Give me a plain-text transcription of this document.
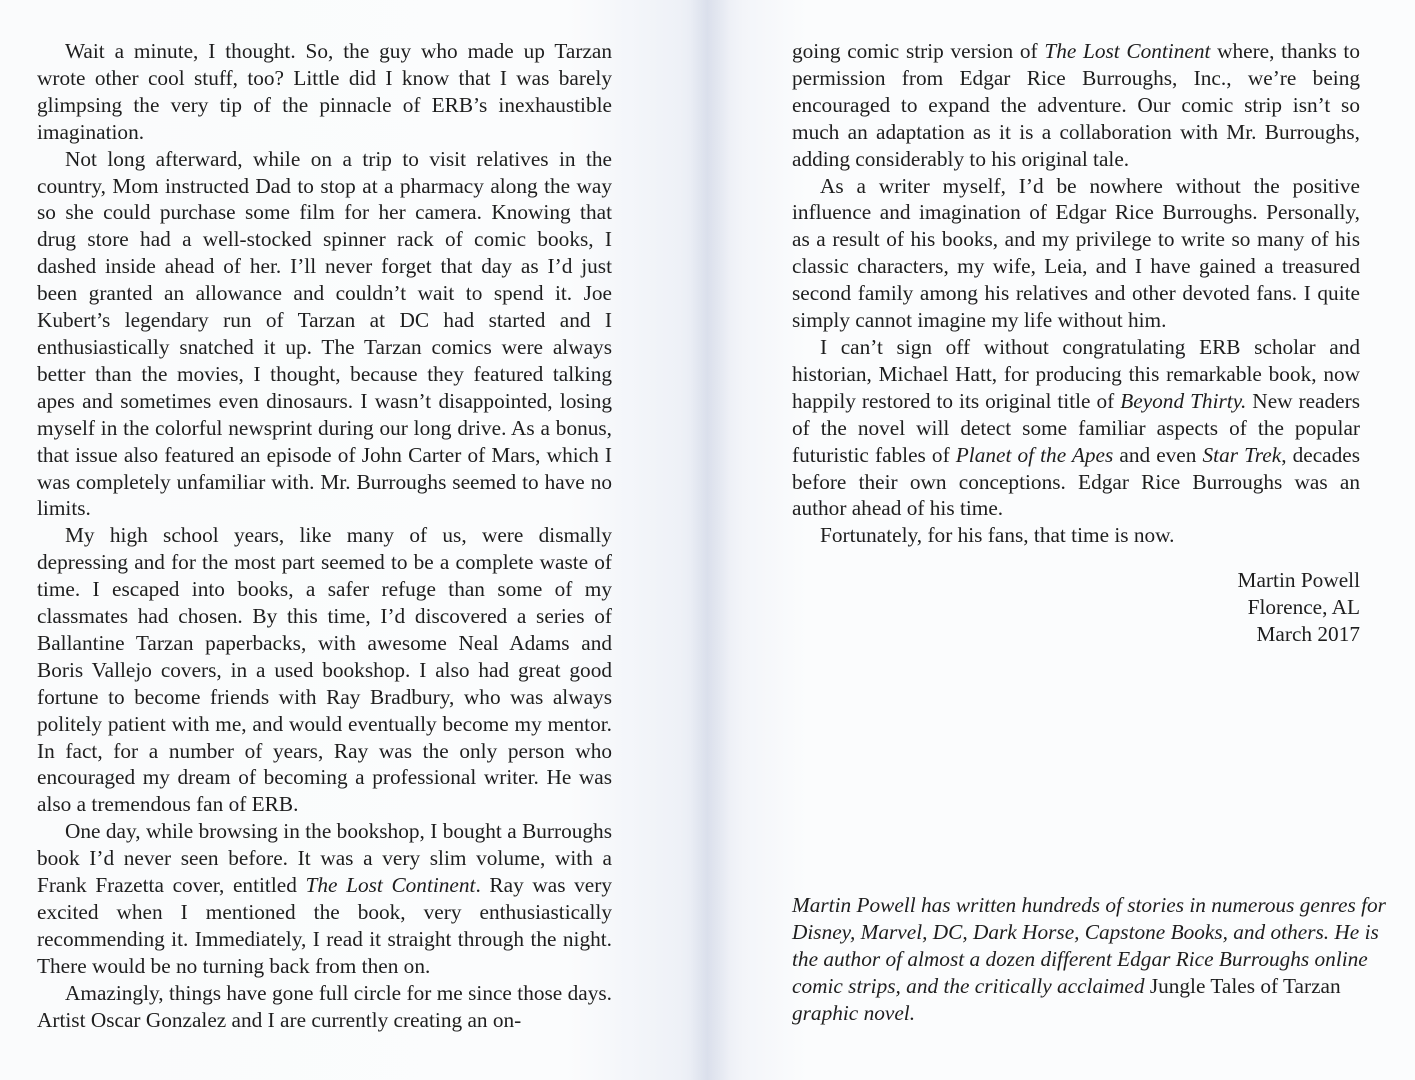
Wait a minute, I thought. So, the guy who made up Tarzan wrote other cool stuff, too? Little did I know that I was barely glimpsing the very tip of the pinnacle of ERB’s inexhaustible imagination.

Not long afterward, while on a trip to visit relatives in the country, Mom instructed Dad to stop at a pharmacy along the way so she could purchase some film for her camera. Knowing that drug store had a well-stocked spinner rack of comic books, I dashed inside ahead of her. I’ll never forget that day as I’d just been granted an allowance and couldn’t wait to spend it. Joe Kubert’s legendary run of Tarzan at DC had started and I enthusiastically snatched it up. The Tarzan comics were always better than the movies, I thought, because they featured talking apes and sometimes even dinosaurs. I wasn’t disappointed, losing myself in the colorful newsprint during our long drive. As a bonus, that issue also featured an episode of John Carter of Mars, which I was completely unfamiliar with. Mr. Burroughs seemed to have no limits.

My high school years, like many of us, were dismally depressing and for the most part seemed to be a complete waste of time. I escaped into books, a safer refuge than some of my classmates had chosen. By this time, I’d discovered a series of Ballantine Tarzan paperbacks, with awesome Neal Adams and Boris Vallejo covers, in a used bookshop. I also had great good fortune to become friends with Ray Bradbury, who was always politely patient with me, and would eventually become my mentor. In fact, for a number of years, Ray was the only person who encouraged my dream of becoming a professional writer. He was also a tremendous fan of ERB.

One day, while browsing in the bookshop, I bought a Burroughs book I’d never seen before. It was a very slim volume, with a Frank Frazetta cover, entitled The Lost Continent. Ray was very excited when I mentioned the book, very enthusiastically recommending it. Immediately, I read it straight through the night. There would be no turning back from then on.

Amazingly, things have gone full circle for me since those days. Artist Oscar Gonzalez and I are currently creating an on-

going comic strip version of The Lost Continent where, thanks to permission from Edgar Rice Burroughs, Inc., we’re being encouraged to expand the adventure. Our comic strip isn’t so much an adaptation as it is a collaboration with Mr. Burroughs, adding considerably to his original tale.

As a writer myself, I’d be nowhere without the positive influence and imagination of Edgar Rice Burroughs. Personally, as a result of his books, and my privilege to write so many of his classic characters, my wife, Leia, and I have gained a treasured second family among his relatives and other devoted fans. I quite simply cannot imagine my life without him.

I can’t sign off without congratulating ERB scholar and historian, Michael Hatt, for producing this remarkable book, now happily restored to its original title of Beyond Thirty. New readers of the novel will detect some familiar aspects of the popular futuristic fables of Planet of the Apes and even Star Trek, decades before their own conceptions. Edgar Rice Burroughs was an author ahead of his time.

Fortunately, for his fans, that time is now.

Martin Powell
Florence, AL
March 2017
Martin Powell has written hundreds of stories in numerous genres for Disney, Marvel, DC, Dark Horse, Capstone Books, and others. He is the author of almost a dozen different Edgar Rice Burroughs online comic strips, and the critically acclaimed Jungle Tales of Tarzan graphic novel.
